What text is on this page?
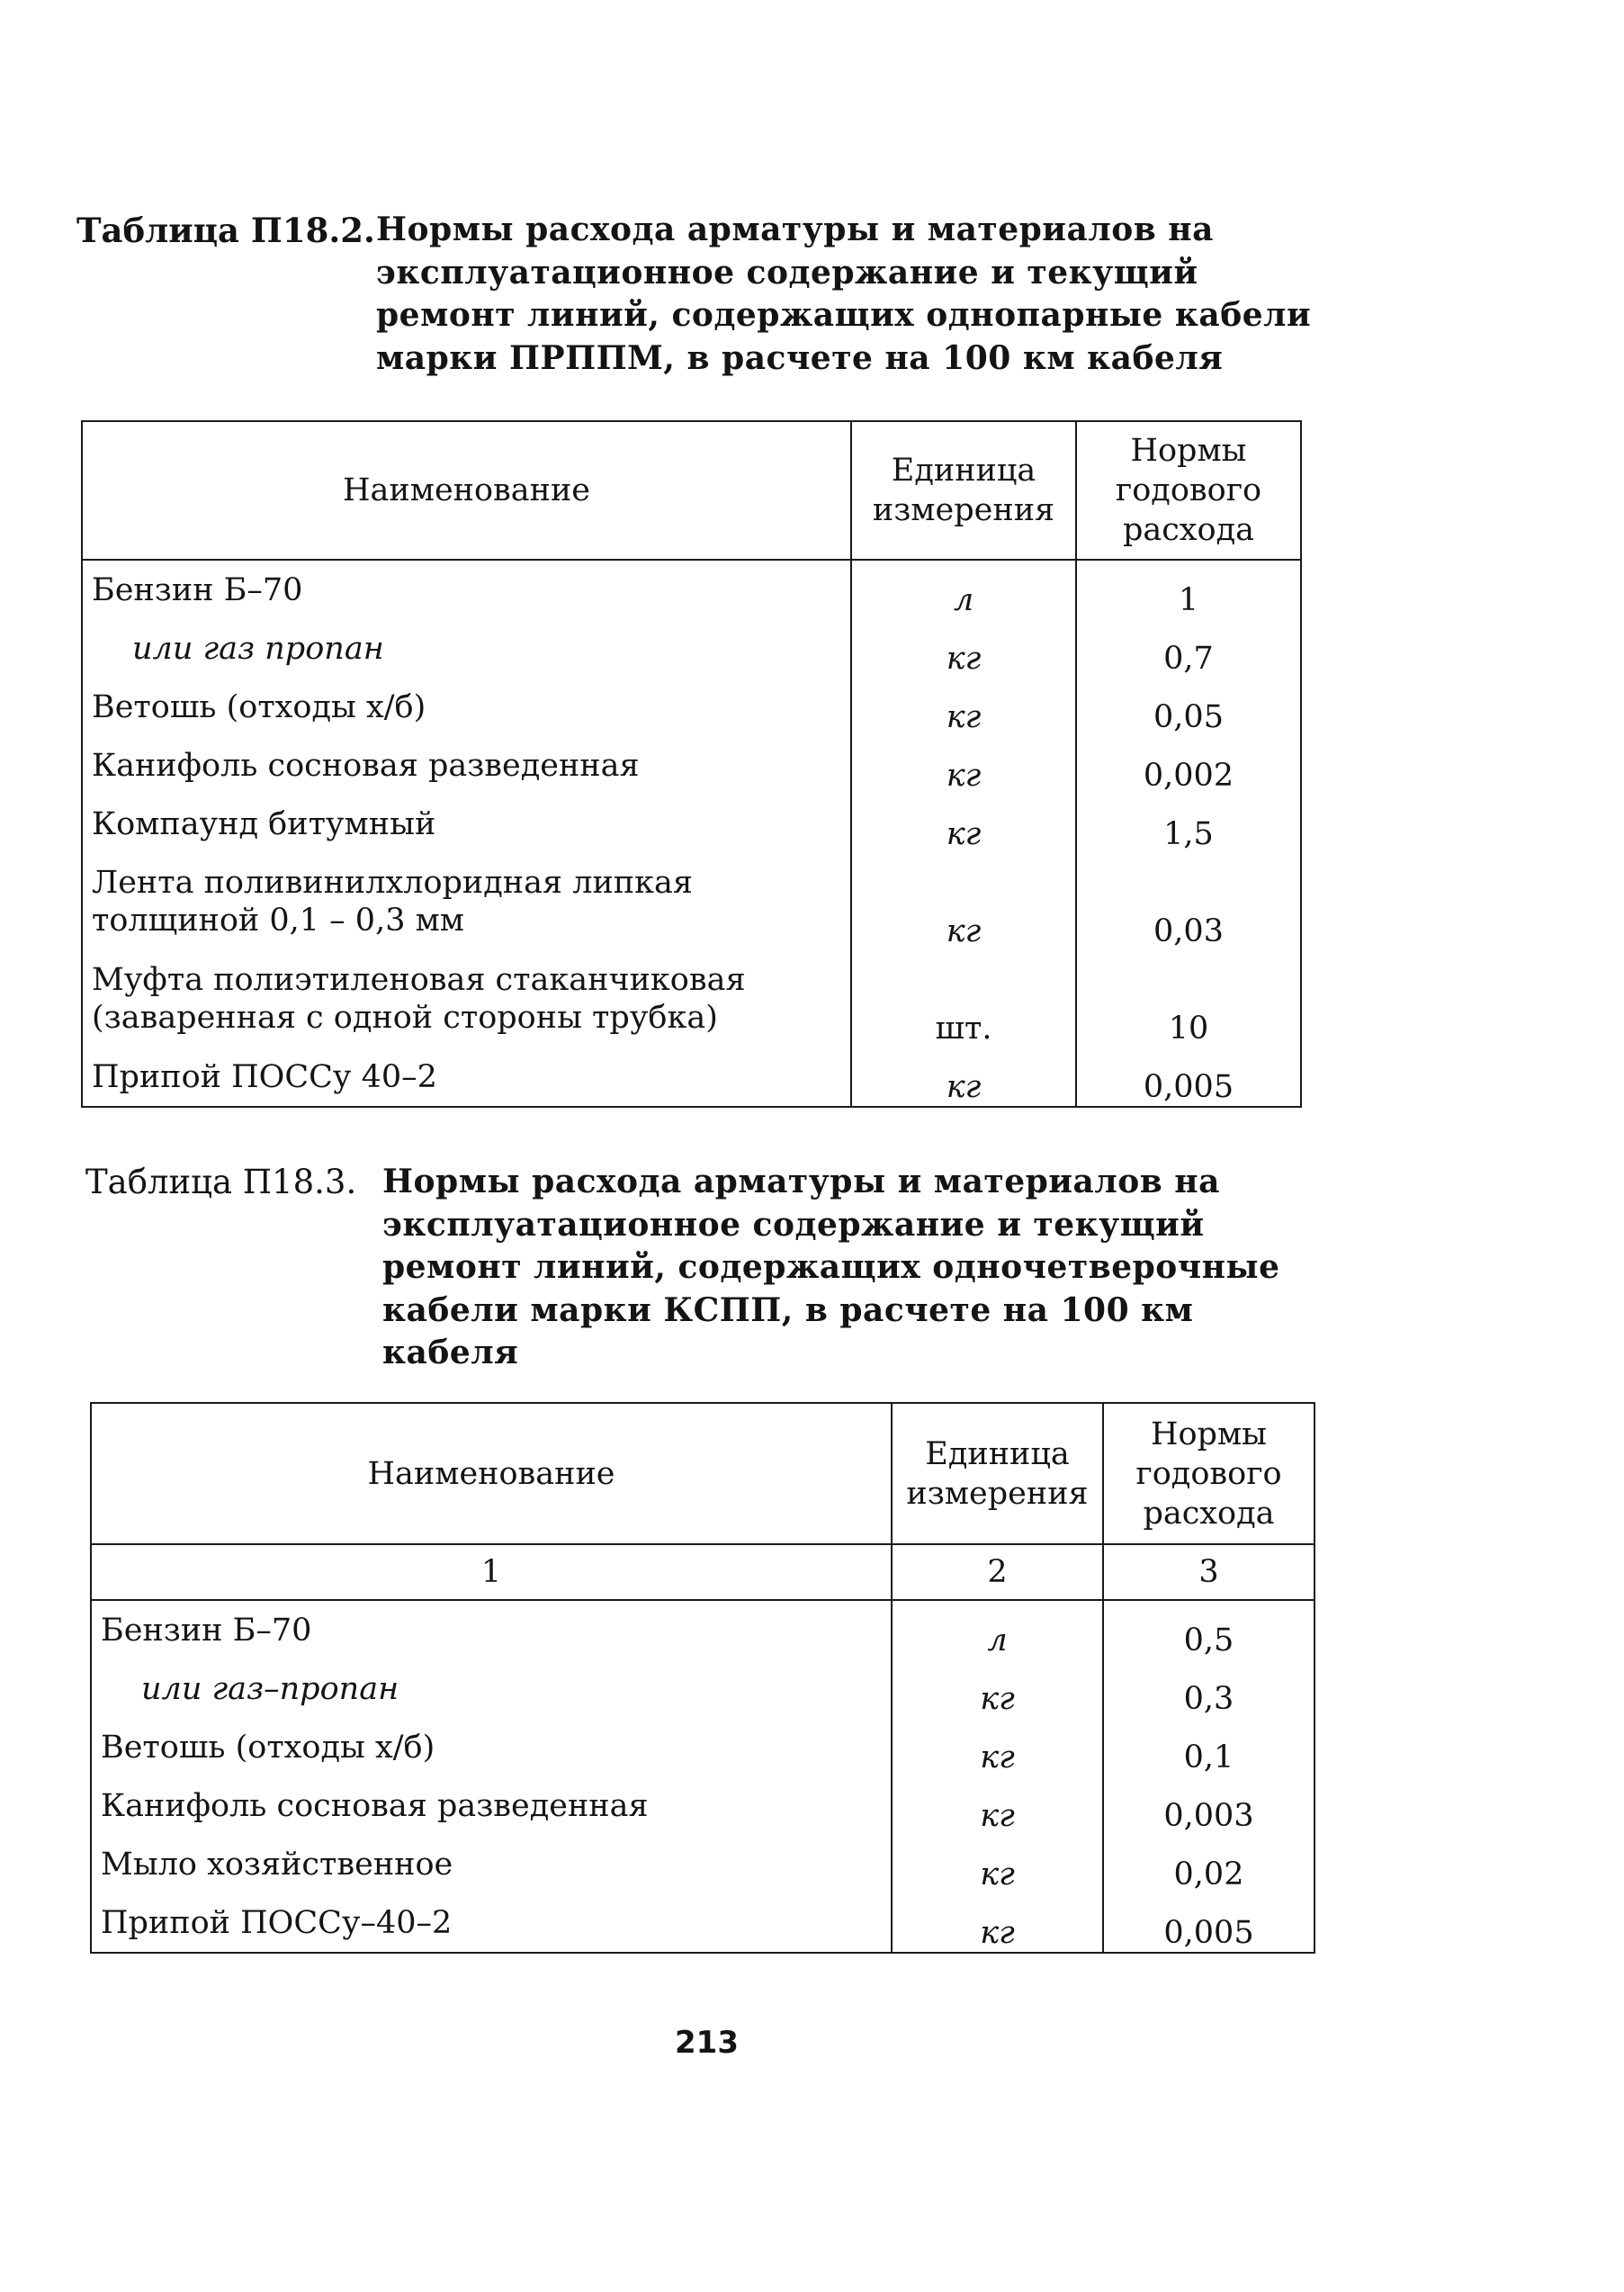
Таблица П18.2. Нормы расхода арматуры и материалов на
эксплуатационное содержание и текущий
ремонт линий, содержащих однопарные кабели
марки ПРППМ, в расчете на 100 км кабеля
Наименование	Единица измерения	Нормы годового расхода
Бензин Б–70	л	1
или газ пропан	кг	0,7
Ветошь (отходы х/б)	кг	0,05
Канифоль сосновая разведенная	кг	0,002
Компаунд битумный	кг	1,5

Лента поливинилхлоридная липкая
толщиной 0,1 – 0,3 мм	кг	0,03

Муфта полиэтиленовая стаканчиковая
(заваренная с одной стороны трубка)	шт.	10
Припой ПОССу 40–2	кг	0,005
Таблица П18.3. Нормы расхода арматуры и материалов на
эксплуатационное содержание и текущий
ремонт линий, содержащих одночетверочные
кабели марки КСПП, в расчете на 100 км
кабеля
Наименование	Единица измерения	Нормы годового расхода
1	2	3
Бензин Б–70	л	0,5
или газ–пропан	кг	0,3
Ветошь (отходы х/б)	кг	0,1
Канифоль сосновая разведенная	кг	0,003
Мыло хозяйственное	кг	0,02
Припой ПОССу–40–2	кг	0,005
213
